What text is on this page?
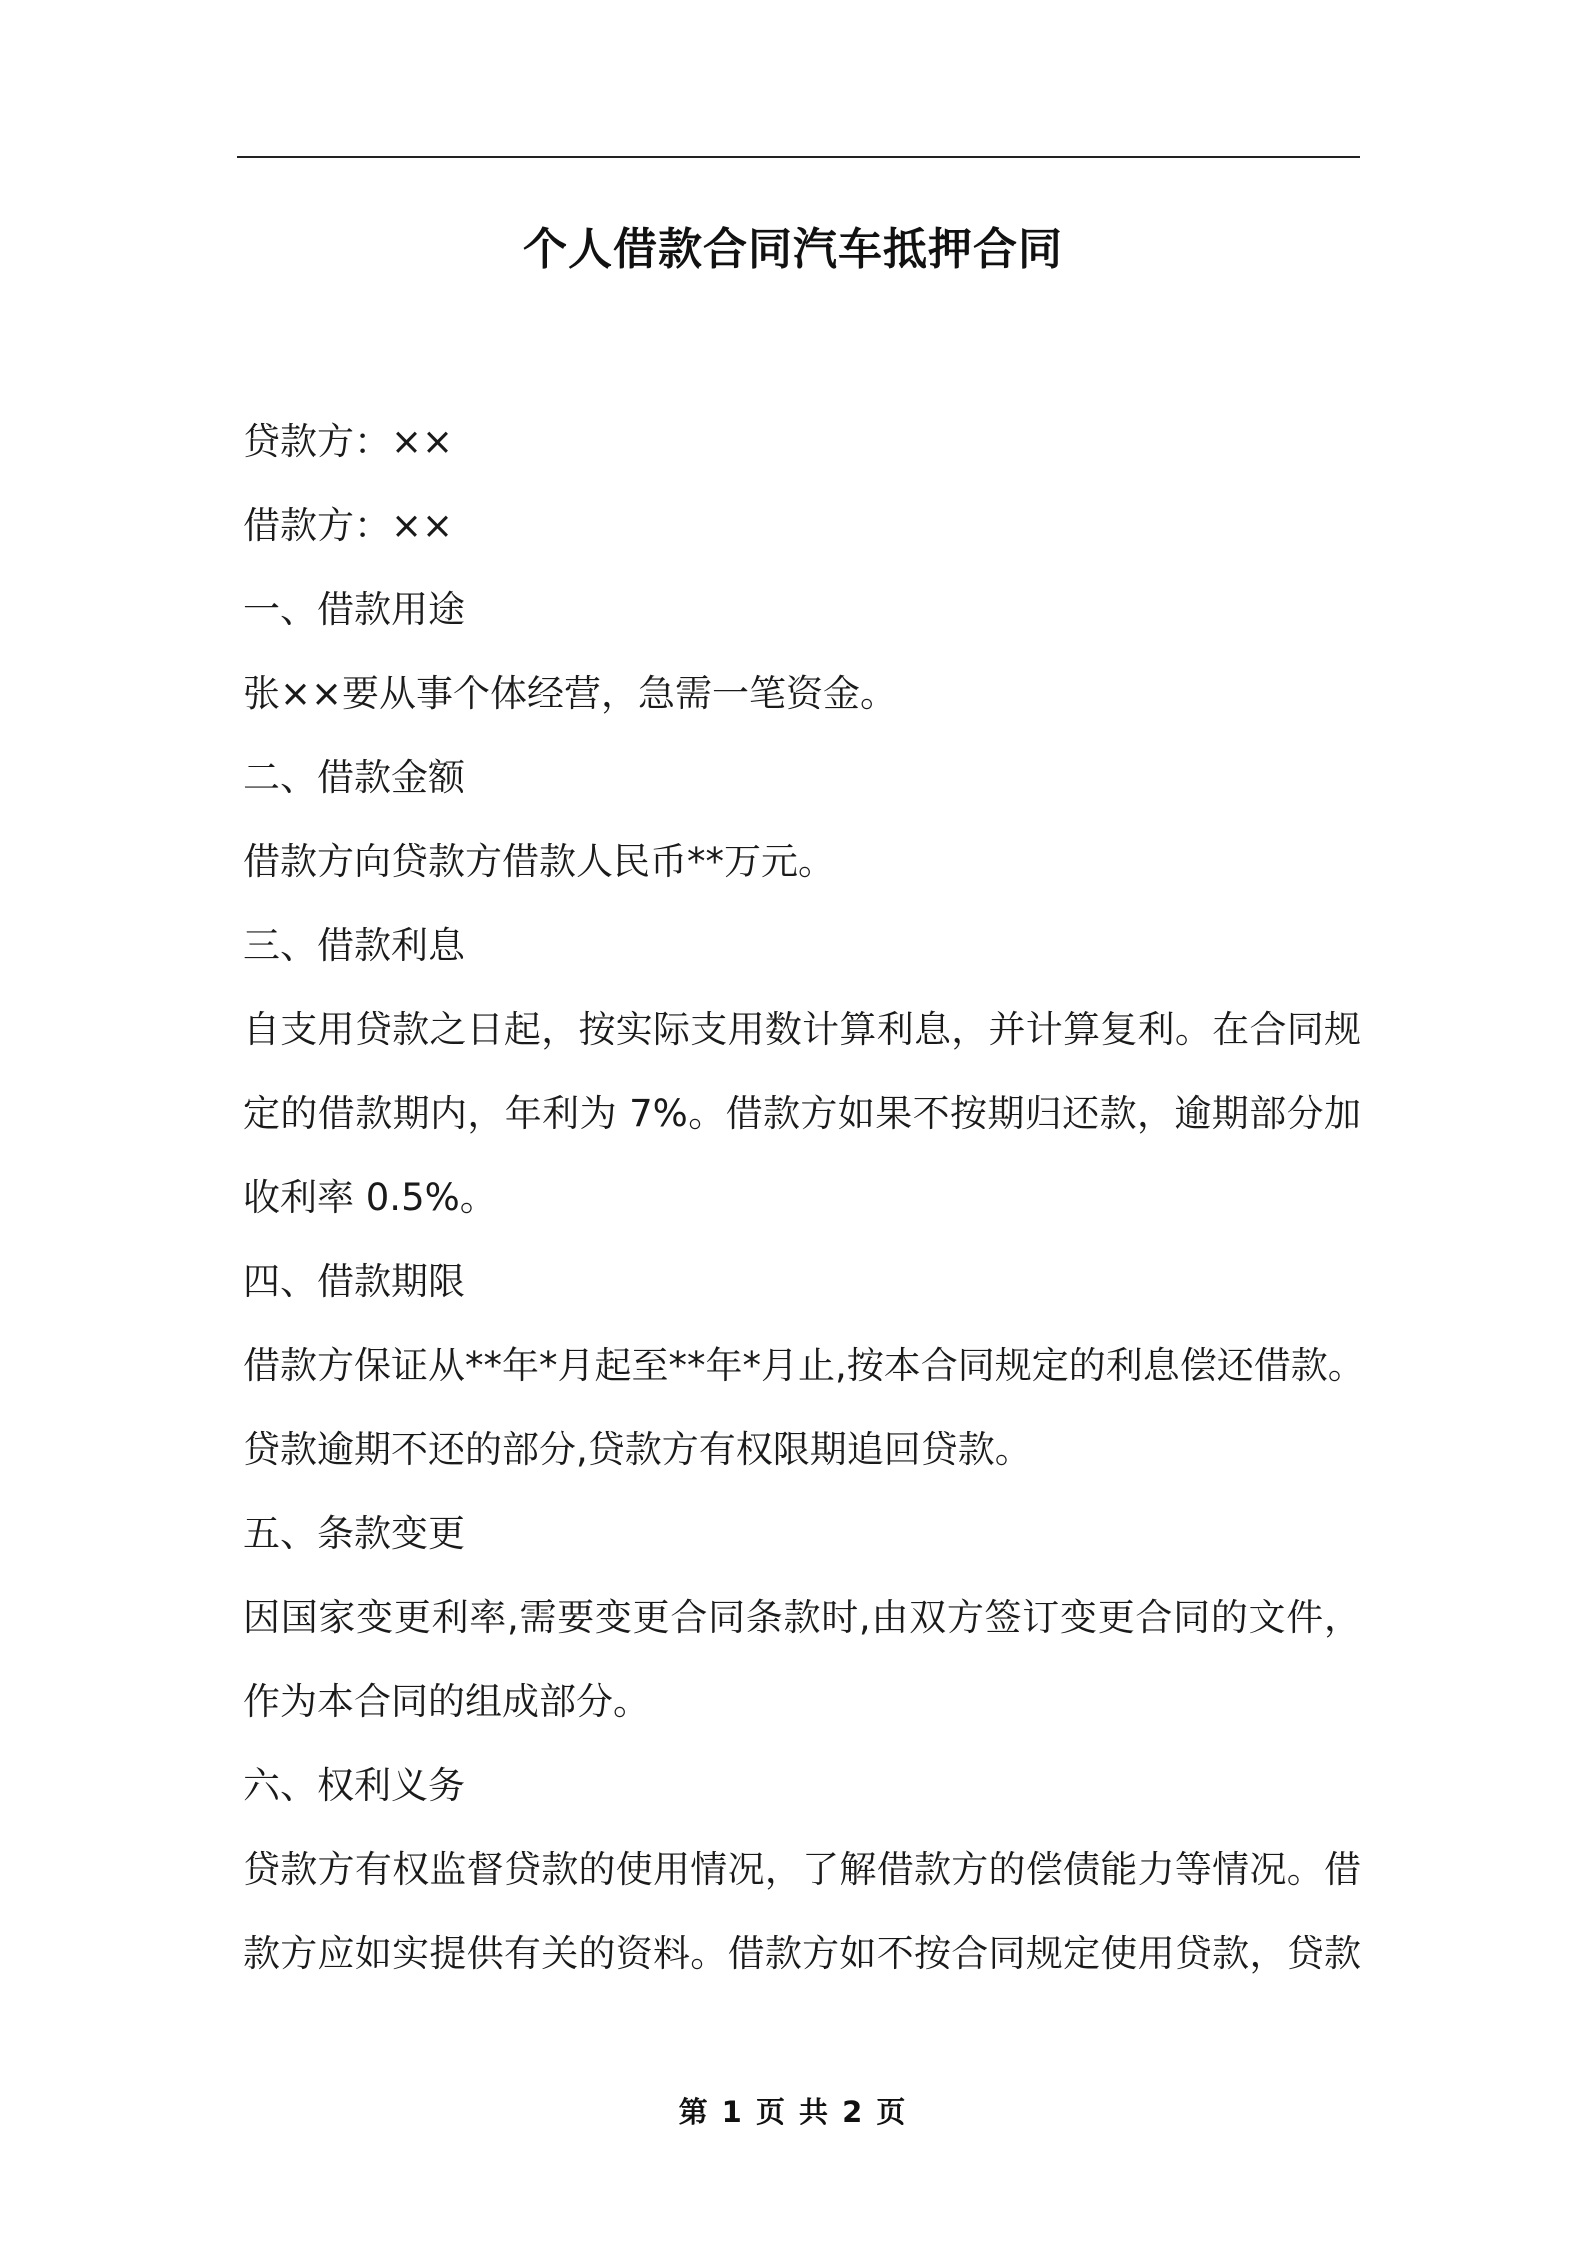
个人借款合同汽车抵押合同
贷款方：××
借款方：××
一、借款用途
张××要从事个体经营，急需一笔资金。
二、借款金额
借款方向贷款方借款人民币**万元。
三、借款利息
自支用贷款之日起，按实际支用数计算利息，并计算复利。在合同规
定的借款期内，年利为 7%。借款方如果不按期归还款，逾期部分加
收利率 0.5%。
四、借款期限
借款方保证从**年*月起至**年*月止,按本合同规定的利息偿还借款。
贷款逾期不还的部分,贷款方有权限期追回贷款。
五、条款变更
因国家变更利率,需要变更合同条款时,由双方签订变更合同的文件，
作为本合同的组成部分。
六、权利义务
贷款方有权监督贷款的使用情况，了解借款方的偿债能力等情况。借
款方应如实提供有关的资料。借款方如不按合同规定使用贷款，贷款
第 1 页 共 2 页
